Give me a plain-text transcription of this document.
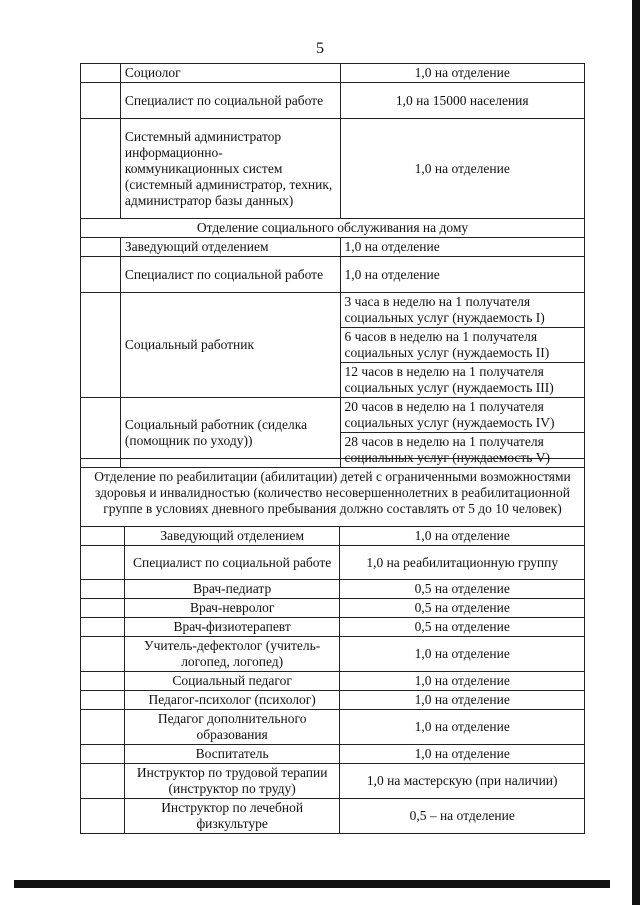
5
	Социолог	1,0 на отделение
	Специалист по социальной работе	1,0 на 15000 населения
	Системный администратор информационно-коммуникационных систем (системный администратор, техник, администратор базы данных)	1,0 на отделение
Отделение социального обслуживания на дому		
	Заведующий отделением	1,0 на отделение
	Специалист по социальной работе	1,0 на отделение
	Социальный работник	3 часа в неделю на 1 получателя социальных услуг (нуждаемость I)
		6 часов в неделю на 1 получателя социальных услуг (нуждаемость II)
		12 часов в неделю на 1 получателя социальных услуг (нуждаемость III)
	Социальный работник (сиделка (помощник по уходу))	20 часов в неделю на 1 получателя социальных услуг (нуждаемость IV)
		28 часов в неделю на 1 получателя социальных услуг (нуждаемость V)
Отделение по реабилитации (абилитации) детей с ограниченными возможностями здоровья и инвалидностью (количество несовершеннолетних в реабилитационной группе в условиях дневного пребывания должно составлять от 5 до 10 человек)		
	Заведующий отделением	1,0 на отделение
	Специалист по социальной работе	1,0 на реабилитационную группу
	Врач-педиатр	0,5 на отделение
	Врач-невролог	0,5 на отделение
	Врач-физиотерапевт	0,5 на отделение
	Учитель-дефектолог (учитель-логопед, логопед)	1,0 на отделение
	Социальный педагог	1,0 на отделение
	Педагог-психолог (психолог)	1,0 на отделение
	Педагог дополнительного образования	1,0 на отделение
	Воспитатель	1,0 на отделение
	Инструктор по трудовой терапии (инструктор по труду)	1,0 на мастерскую (при наличии)
	Инструктор по лечебной физкультуре	0,5 – на отделение
